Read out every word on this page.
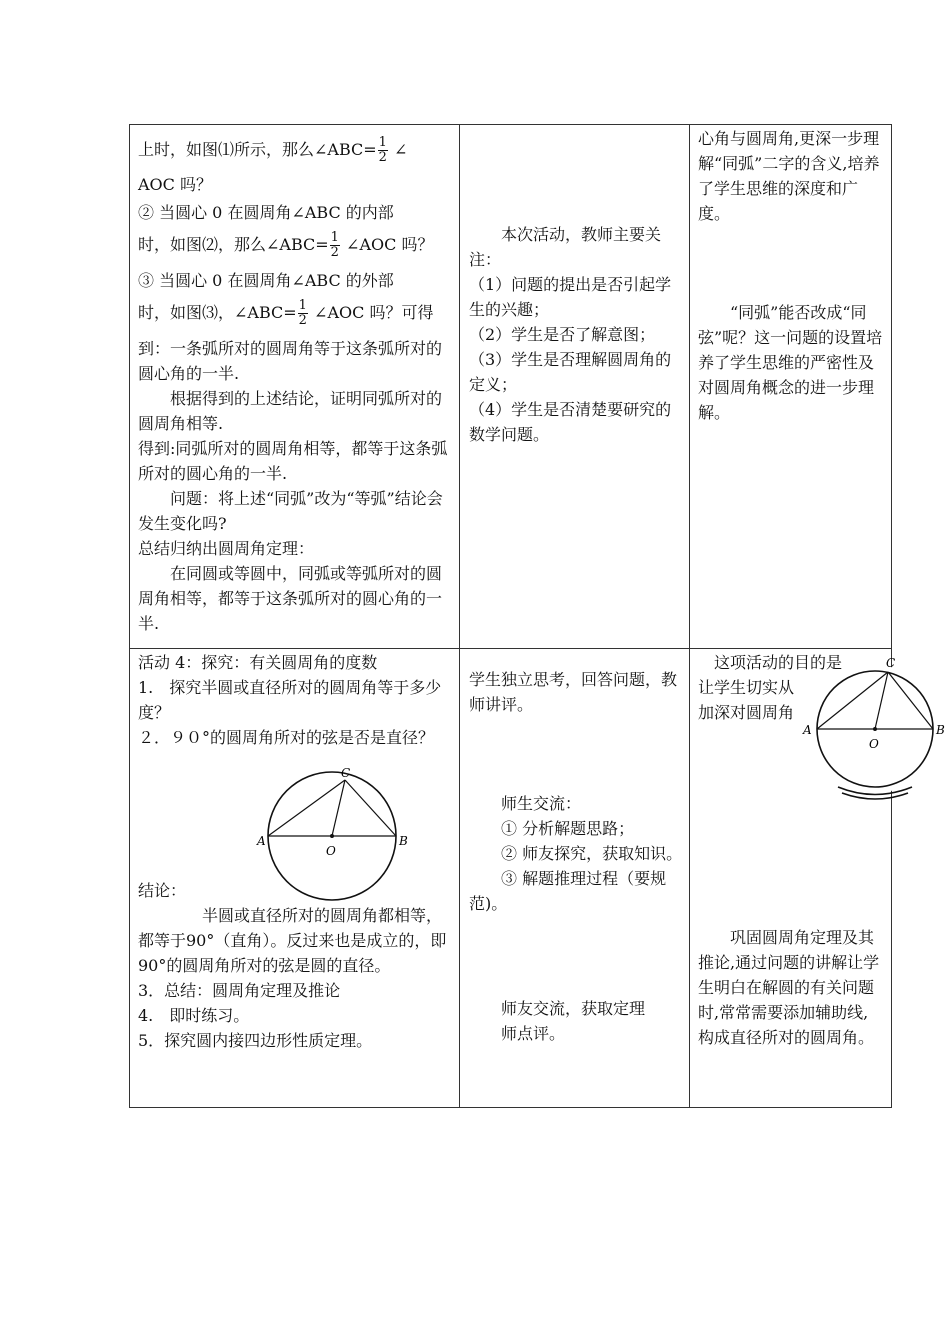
上时，如图⑴所示，那么∠ABC= $\frac{1}{2}$ ∠

AOC 吗？

② 当圆心 0 在圆周角∠ABC 的内部

时，如图⑵，那么∠ABC= $\frac{1}{2}$ ∠AOC 吗？

③ 当圆心 0 在圆周角∠ABC 的外部

时，如图⑶，∠ABC= $\frac{1}{2}$ ∠AOC 吗？可得

到：一条弧所对的圆周角等于这条弧所对的圆心角的一半.

根据得到的上述结论，证明同弧所对的圆周角相等.

得到:同弧所对的圆周角相等，都等于这条弧所对的圆心角的一半.

问题：将上述“同弧”改为“等弧”结论会发生变化吗?

总结归纳出圆周角定理：

在同圆或等圆中，同弧或等弧所对的圆周角相等，都等于这条弧所对的圆心角的一半.

本次活动，教师主要关注：

（1）问题的提出是否引起学生的兴趣；

（2）学生是否了解意图；

（3）学生是否理解圆周角的定义；

（4）学生是否清楚要研究的数学问题。

心角与圆周角,更深一步理解“同弧”二字的含义,培养了学生思维的深度和广度。

“同弧”能否改成“同弦”呢？这一问题的设置培养了学生思维的严密性及对圆周角概念的进一步理解。

活动 4：探究：有关圆周角的度数

1.　探究半圆或直径所对的圆周角等于多少度？

２．９０°的圆周角所对的弦是否是直径？

结论：

半圆或直径所对的圆周角都相等，都等于90°（直角）。反过来也是成立的，即 90°的圆周角所对的弦是圆的直径。

3．总结：圆周角定理及推论

4.　即时练习。

5．探究圆内接四边形性质定理。

A	B
C
O

学生独立思考，回答问题，教师讲评。

师生交流：

① 分析解题思路；

② 师友探究，获取知识。

③ 解题推理过程（要规范)。

师友交流，获取定理

师点评。

这项活动的目的是

让学生切实从

加深对圆周角

巩固圆周角定理及其推论,通过问题的讲解让学生明白在解圆的有关问题时,常常需要添加辅助线,构成直径所对的圆周角。

A	B
C
O
